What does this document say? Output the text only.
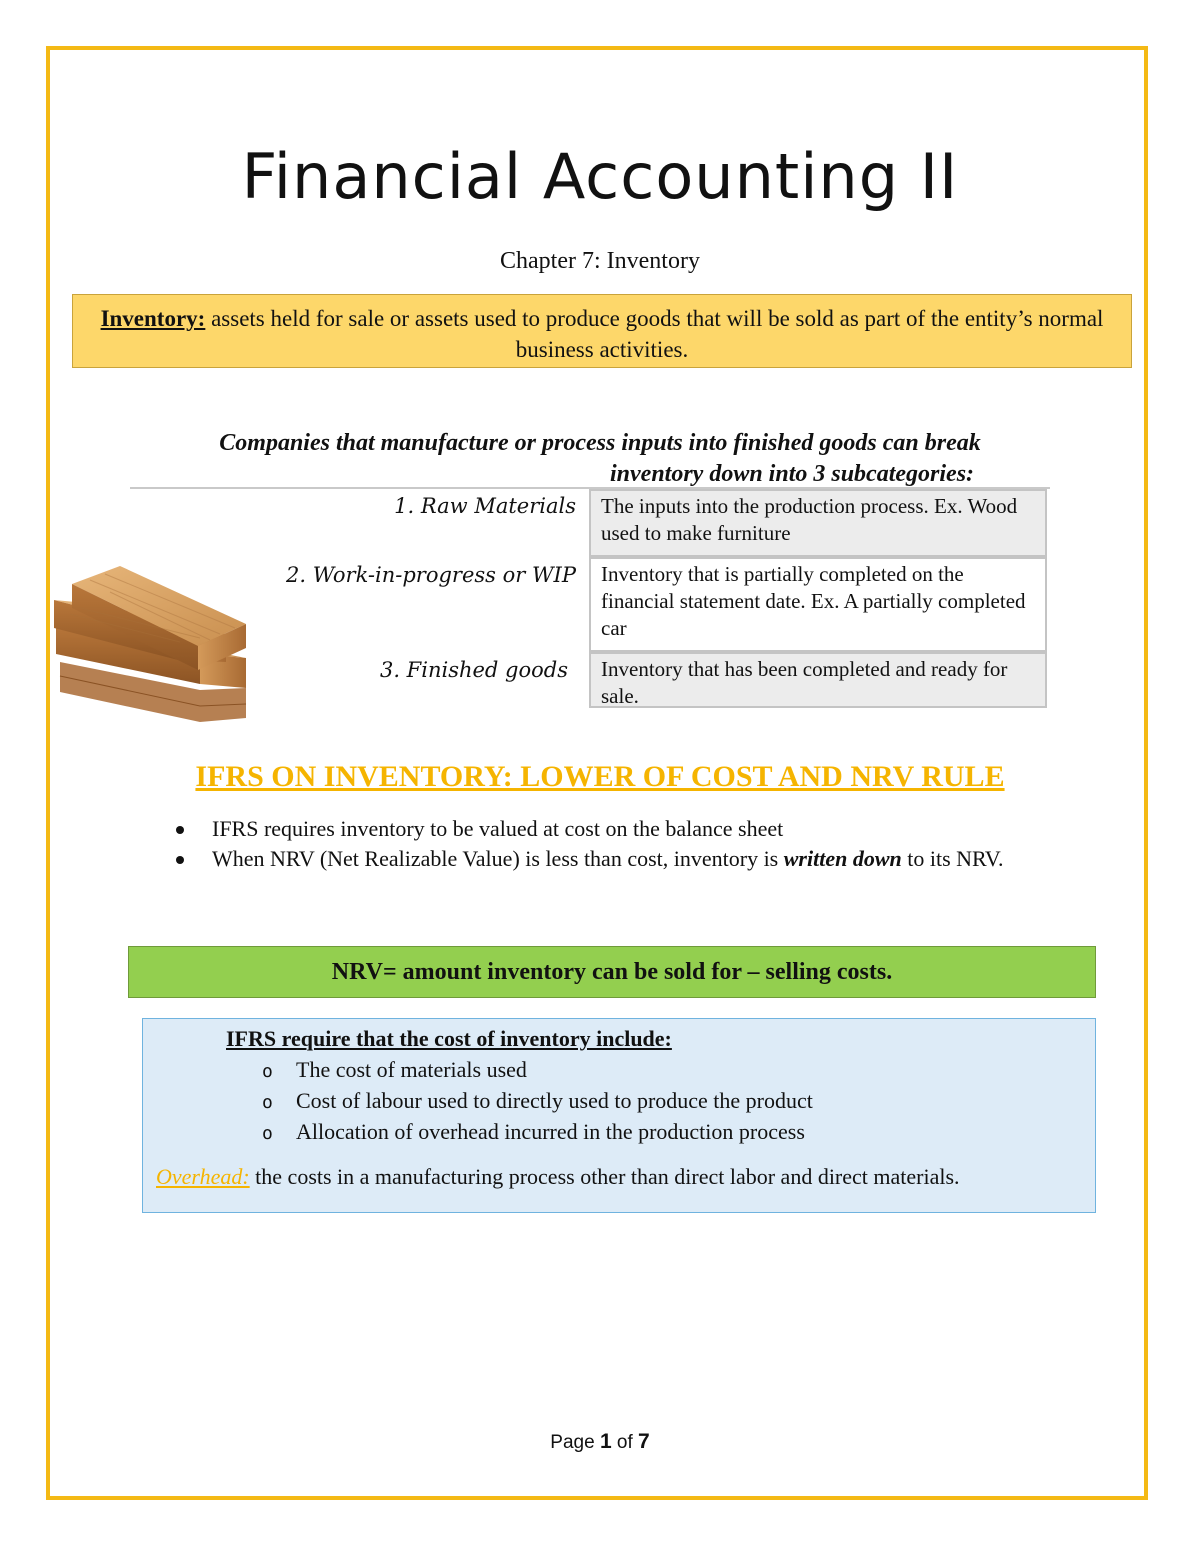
Financial Accounting II
Chapter 7: Inventory
Inventory: assets held for sale or assets used to produce goods that will be sold as part of the entity’s normal business activities.
Companies that manufacture or process inputs into finished goods can break
inventory down into 3 subcategories:
1. Raw Materials	The inputs into the production process. Ex. Wood used to make furniture
2. Work-in-progress or WIP	Inventory that is partially completed on the financial statement date. Ex. A partially completed car
3. Finished goods	Inventory that has been completed and ready for sale.
IFRS ON INVENTORY: LOWER OF COST AND NRV RULE
IFRS requires inventory to be valued at cost on the balance sheet
When NRV (Net Realizable Value) is less than cost, inventory is written down to its NRV.
NRV= amount inventory can be sold for – selling costs.
IFRS require that the cost of inventory include:
o The cost of materials used
o Cost of labour used to directly used to produce the product
o Allocation of overhead incurred in the production process
Overhead: the costs in a manufacturing process other than direct labor and direct materials.
Page 1 of 7
